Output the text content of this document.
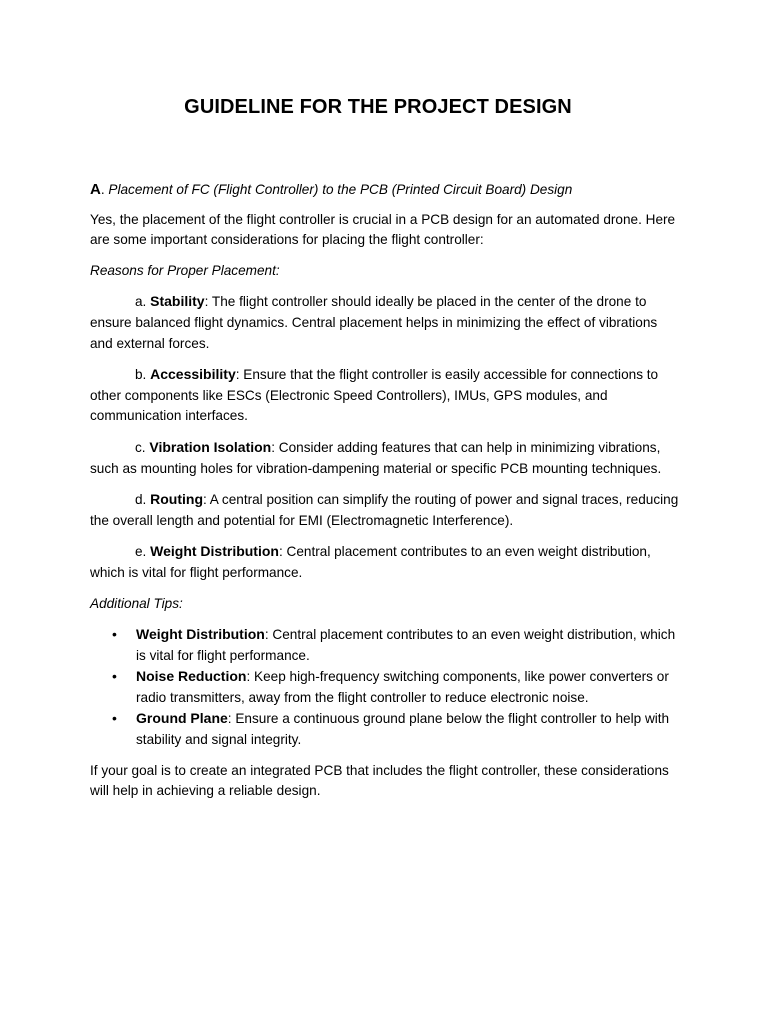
GUIDELINE FOR THE PROJECT DESIGN

A. Placement of FC (Flight Controller) to the PCB (Printed Circuit Board) Design

Yes, the placement of the flight controller is crucial in a PCB design for an automated drone. Here are some important considerations for placing the flight controller:

Reasons for Proper Placement:

a. Stability: The flight controller should ideally be placed in the center of the drone to ensure balanced flight dynamics. Central placement helps in minimizing the effect of vibrations and external forces.

b. Accessibility: Ensure that the flight controller is easily accessible for connections to other components like ESCs (Electronic Speed Controllers), IMUs, GPS modules, and communication interfaces.

c. Vibration Isolation: Consider adding features that can help in minimizing vibrations, such as mounting holes for vibration-dampening material or specific PCB mounting techniques.

d. Routing: A central position can simplify the routing of power and signal traces, reducing the overall length and potential for EMI (Electromagnetic Interference).

e. Weight Distribution: Central placement contributes to an even weight distribution, which is vital for flight performance.

Additional Tips:

• Weight Distribution: Central placement contributes to an even weight distribution, which is vital for flight performance.
• Noise Reduction: Keep high-frequency switching components, like power converters or radio transmitters, away from the flight controller to reduce electronic noise.
• Ground Plane: Ensure a continuous ground plane below the flight controller to help with stability and signal integrity.

If your goal is to create an integrated PCB that includes the flight controller, these considerations will help in achieving a reliable design.
